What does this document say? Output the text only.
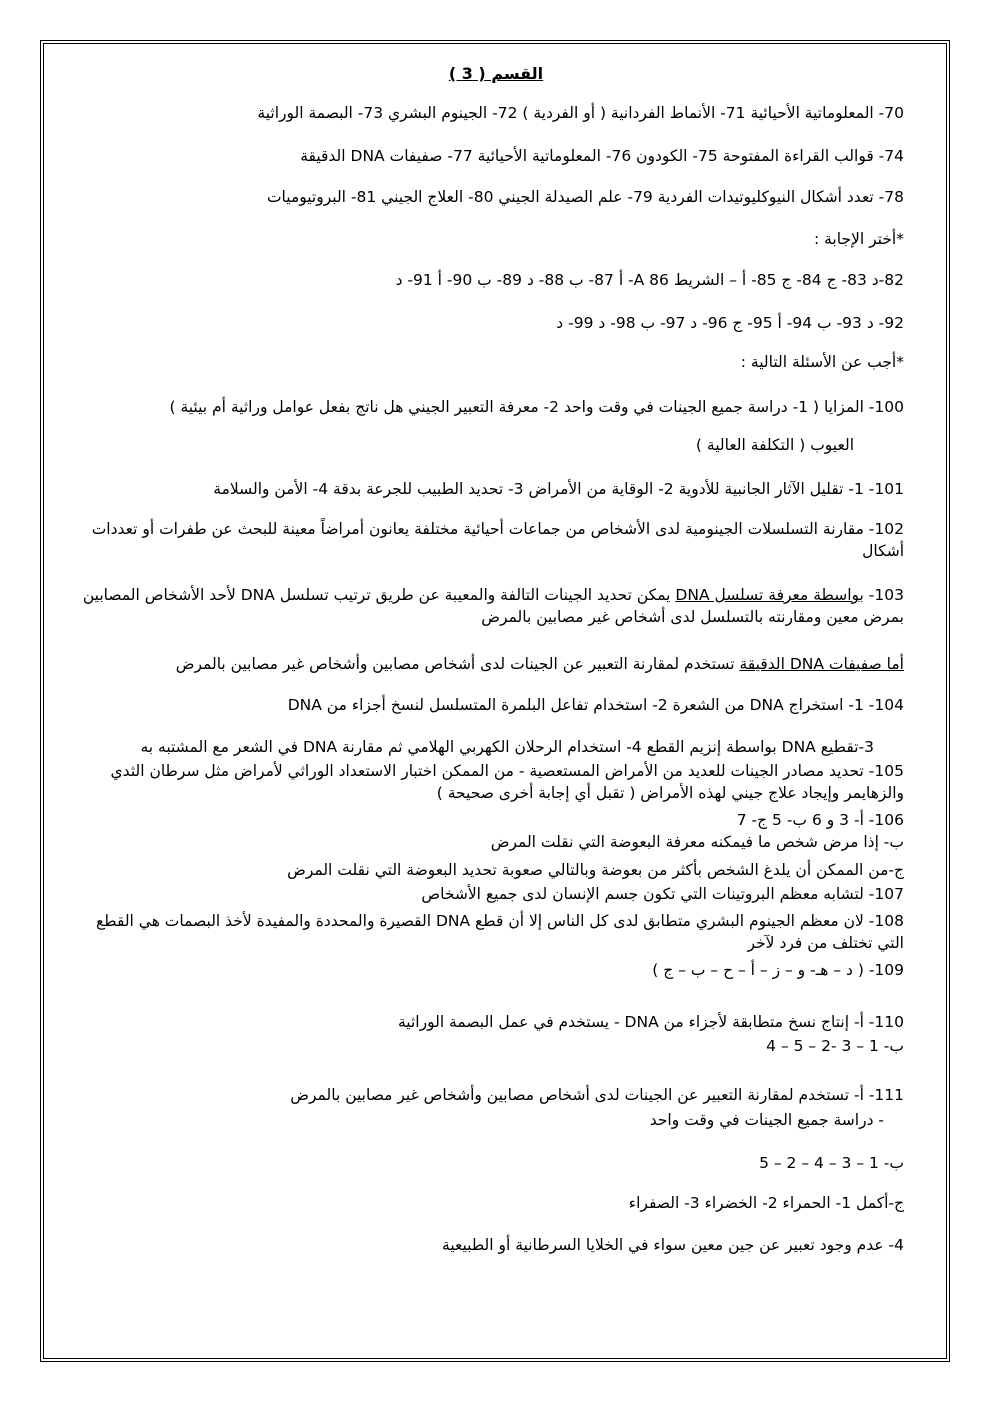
القسم ( 3 )
70- المعلوماتية الأحيائية 71- الأنماط الفردانية ( أو الفردية ) 72- الجينوم البشري 73- البصمة الوراثية
74- قوالب القراءة المفتوحة 75- الكودون 76- المعلوماتية الأحيائية 77- صفيفات DNA الدقيقة
78- تعدد أشكال النيوكليوتيدات الفردية 79- علم الصيدلة الجيني 80- العلاج الجيني 81- البروتيوميات
*أختر الإجابة :
82-د 83- ج 84- ج 85- أ – الشريط A 86- أ 87- ب 88- د 89- ب 90- أ 91- د
92- د 93- ب 94- أ 95- ج 96- د 97- ب 98- د 99- د
*أجب عن الأسئلة التالية :
100- المزايا ( 1- دراسة جميع الجينات في وقت واحد 2- معرفة التعبير الجيني هل ناتج بفعل عوامل وراثية أم بيئية )
العيوب ( التكلفة العالية )
101- 1- تقليل الآثار الجانبية للأدوية 2- الوقاية من الأمراض 3- تحديد الطبيب للجرعة بدقة 4- الأمن والسلامة
102- مقارنة التسلسلات الجينومية لدى الأشخاص من جماعات أحيائية مختلفة يعانون أمراضاً معينة للبحث عن طفرات أو تعددات أشكال
103- بواسطة معرفة تسلسل DNA يمكن تحديد الجينات التالفة والمعيبة عن طريق ترتيب تسلسل DNA لأحد الأشخاص المصابين بمرض معين ومقارنته بالتسلسل لدى أشخاص غير مصابين بالمرض
أما صفيفات DNA الدقيقة تستخدم لمقارنة التعبير عن الجينات لدى أشخاص مصابين وأشخاص غير مصابين بالمرض
104- 1- استخراج DNA من الشعرة 2- استخدام تفاعل البلمرة المتسلسل لنسخ أجزاء من DNA
3-تقطيع DNA بواسطة إنزيم القطع 4- استخدام الرحلان الكهربي الهلامي ثم مقارنة DNA في الشعر مع المشتبه به
105- تحديد مصادر الجينات للعديد من الأمراض المستعصية - من الممكن اختبار الاستعداد الوراثي لأمراض مثل سرطان الثدي والزهايمر وإيجاد علاج جيني لهذه الأمراض ( تقبل أي إجابة أخرى صحيحة )
106- أ- 3 و 6 ب- 5 ج- 7
ب- إذا مرض شخص ما فيمكنه معرفة البعوضة التي نقلت المرض
ج-من الممكن أن يلدغ الشخص بأكثر من بعوضة وبالتالي صعوبة تحديد البعوضة التي نقلت المرض
107- لتشابه معظم البروتينات التي تكون جسم الإنسان لدى جميع الأشخاص
108- لان معظم الجينوم البشري متطابق لدى كل الناس إلا أن قطع DNA القصيرة والمحددة والمفيدة لأخذ البصمات هي القطع التي تختلف من فرد لآخر
109- ( د – هـ- و – ز – أ – ح – ب – ج )
110- أ- إنتاج نسخ متطابقة لأجزاء من DNA - يستخدم في عمل البصمة الوراثية
ب- 1 – 3 -2 – 5 – 4
111- أ- تستخدم لمقارنة التعبير عن الجينات لدى أشخاص مصابين وأشخاص غير مصابين بالمرض
- دراسة جميع الجينات في وقت واحد
ب- 1 – 3 – 4 – 2 – 5
ج-أكمل 1- الحمراء 2- الخضراء 3- الصفراء
4- عدم وجود تعبير عن جين معين سواء في الخلايا السرطانية أو الطبيعية
